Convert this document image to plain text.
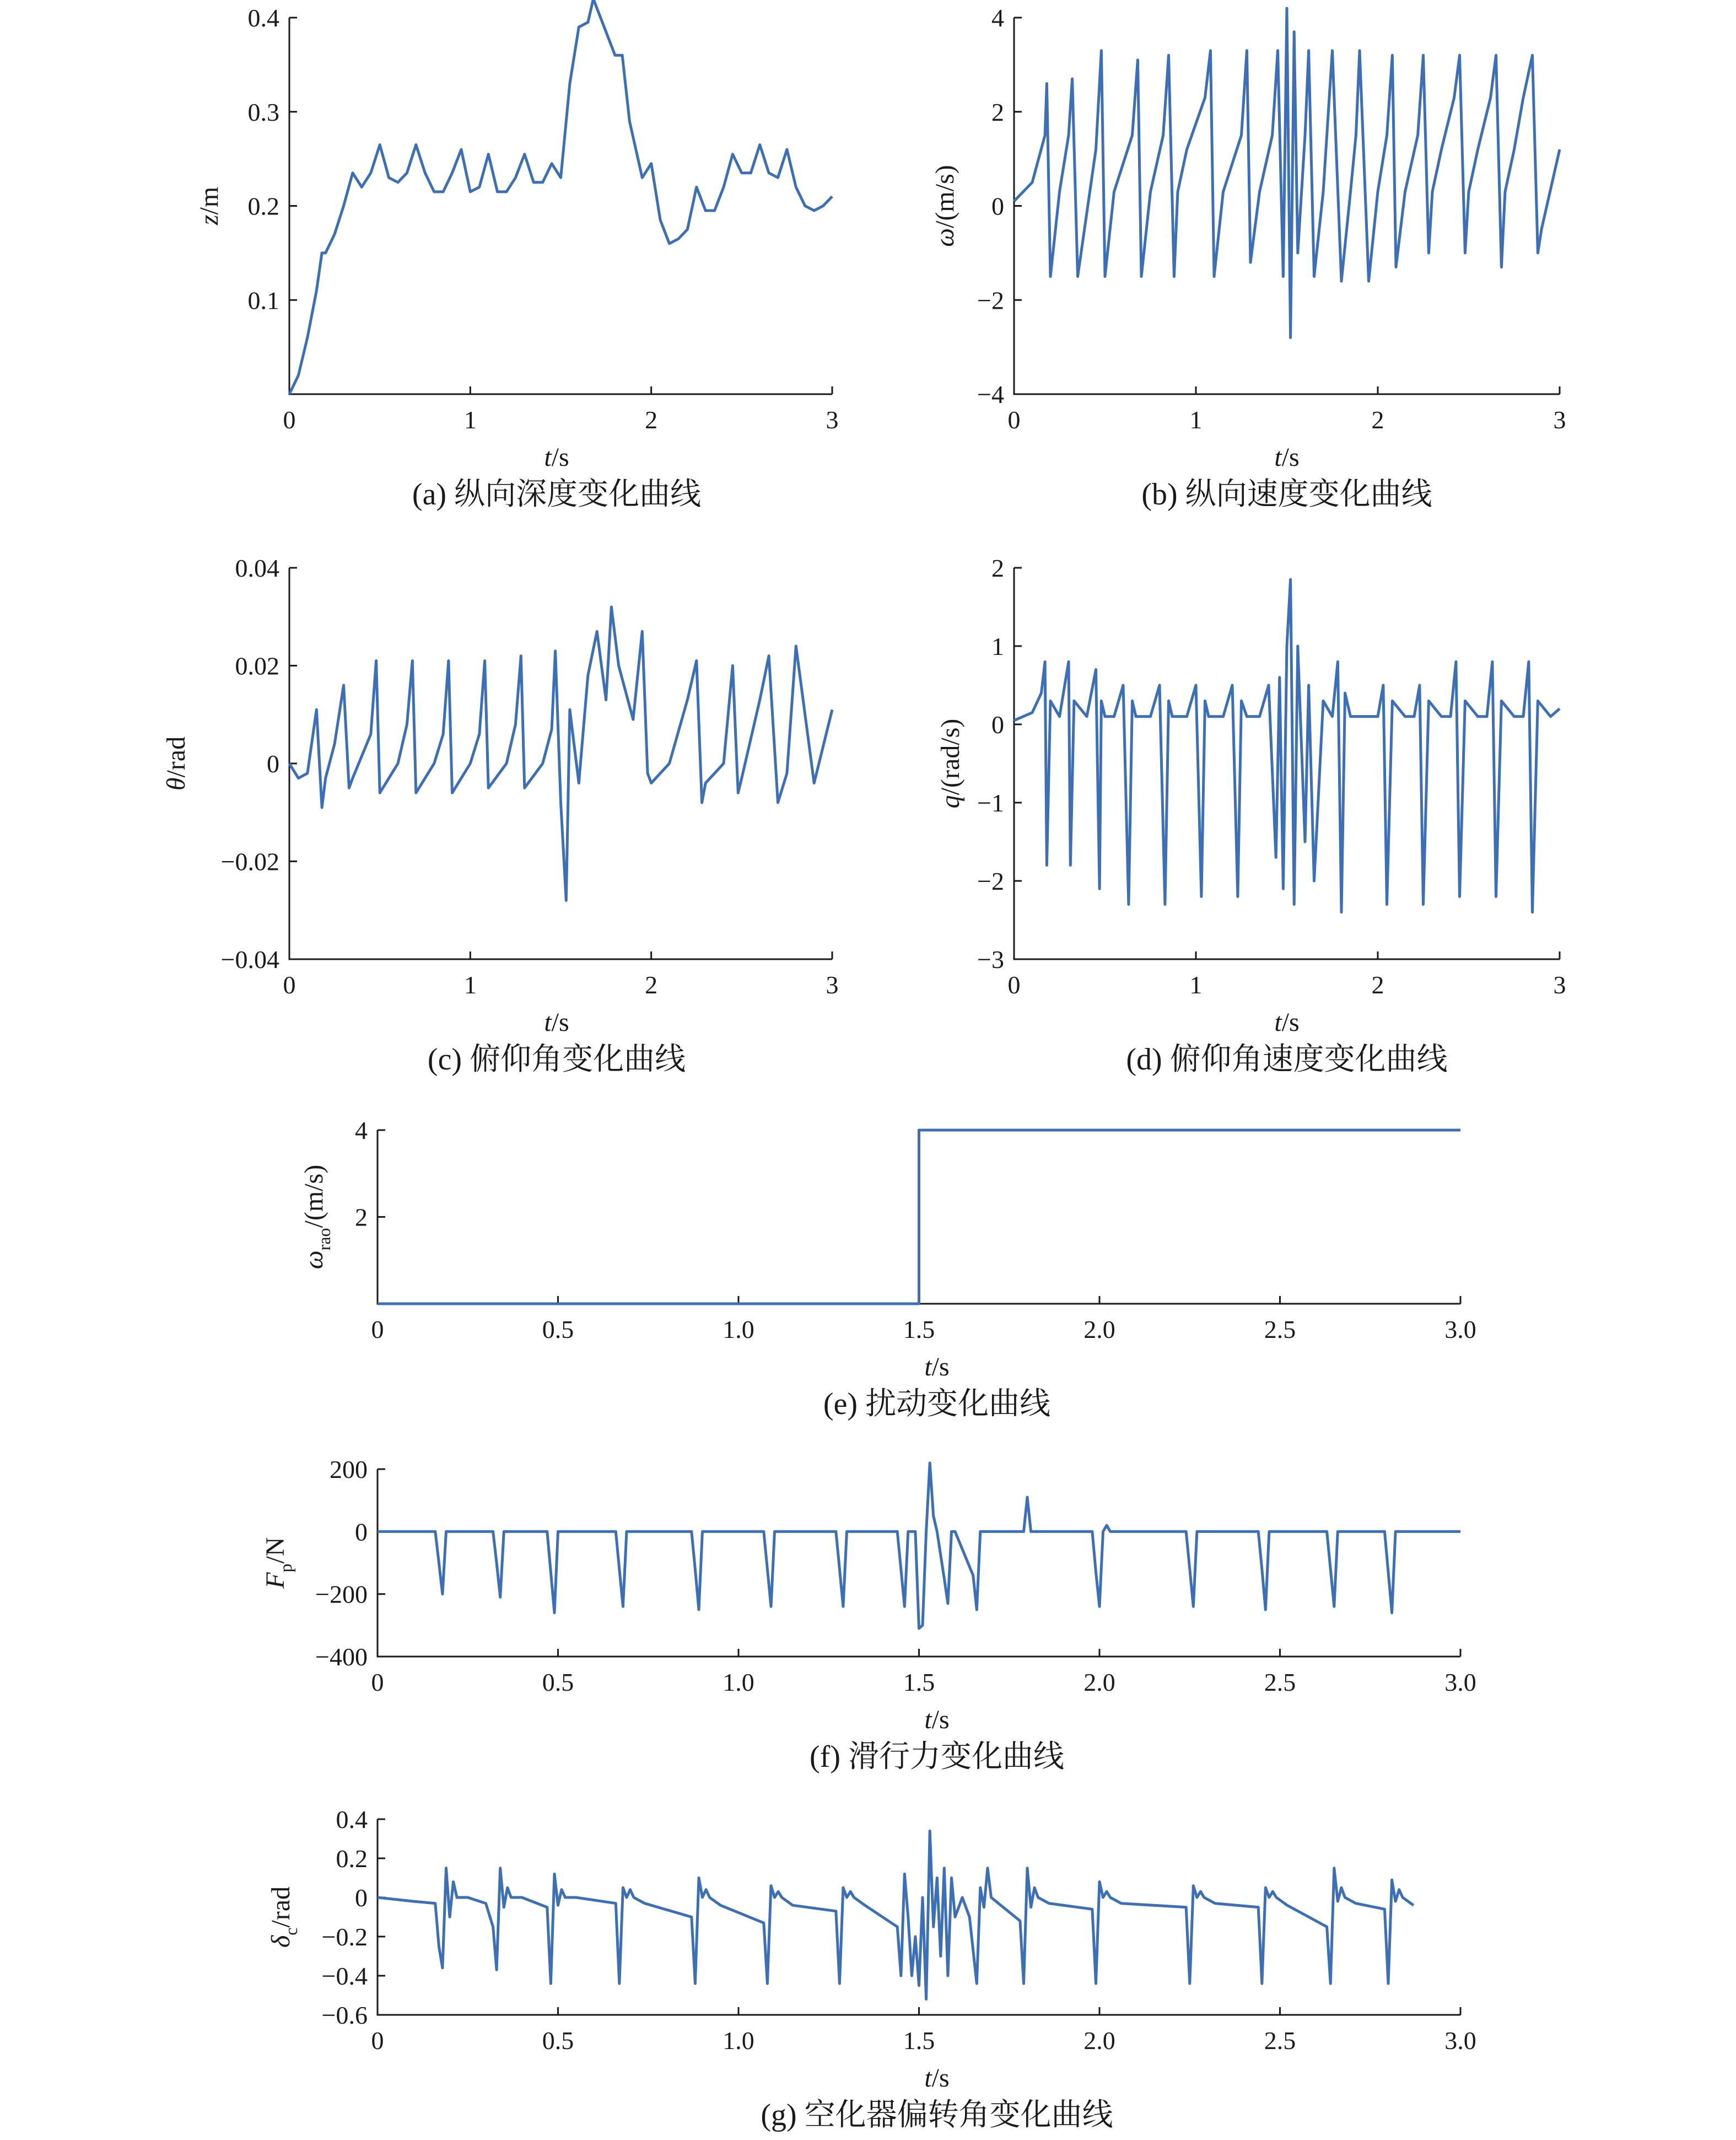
0	1	2	3
0.1
0.2
0.3
0.4
t/s
z/m
(a) 纵向深度变化曲线
0	1	2	3
−4
−2
0
2
4
t/s
ω/(m/s)
(b) 纵向速度变化曲线
0	1	2	3
−0.04
−0.02
0
0.02
0.04
t/s
θ/rad
(c) 俯仰角变化曲线
0	1	2	3
−3
−2
−1
0
1
2
t/s
q/(rad/s)
(d) 俯仰角速度变化曲线
0	0.5	1.0	1.5	2.0	2.5	3.0
2
4
t/s
$\omega_{rao}/(m/s)$
(e) 扰动变化曲线
0	0.5	1.0	1.5	2.0	2.5	3.0
−400
−200
0
200
t/s
$F_p/N$
(f) 滑行力变化曲线
0	0.5	1.0	1.5	2.0	2.5	3.0
−0.6
−0.4
−0.2
0
0.2
0.4
t/s
$\delta_c$/rad
(g) 空化器偏转角变化曲线
